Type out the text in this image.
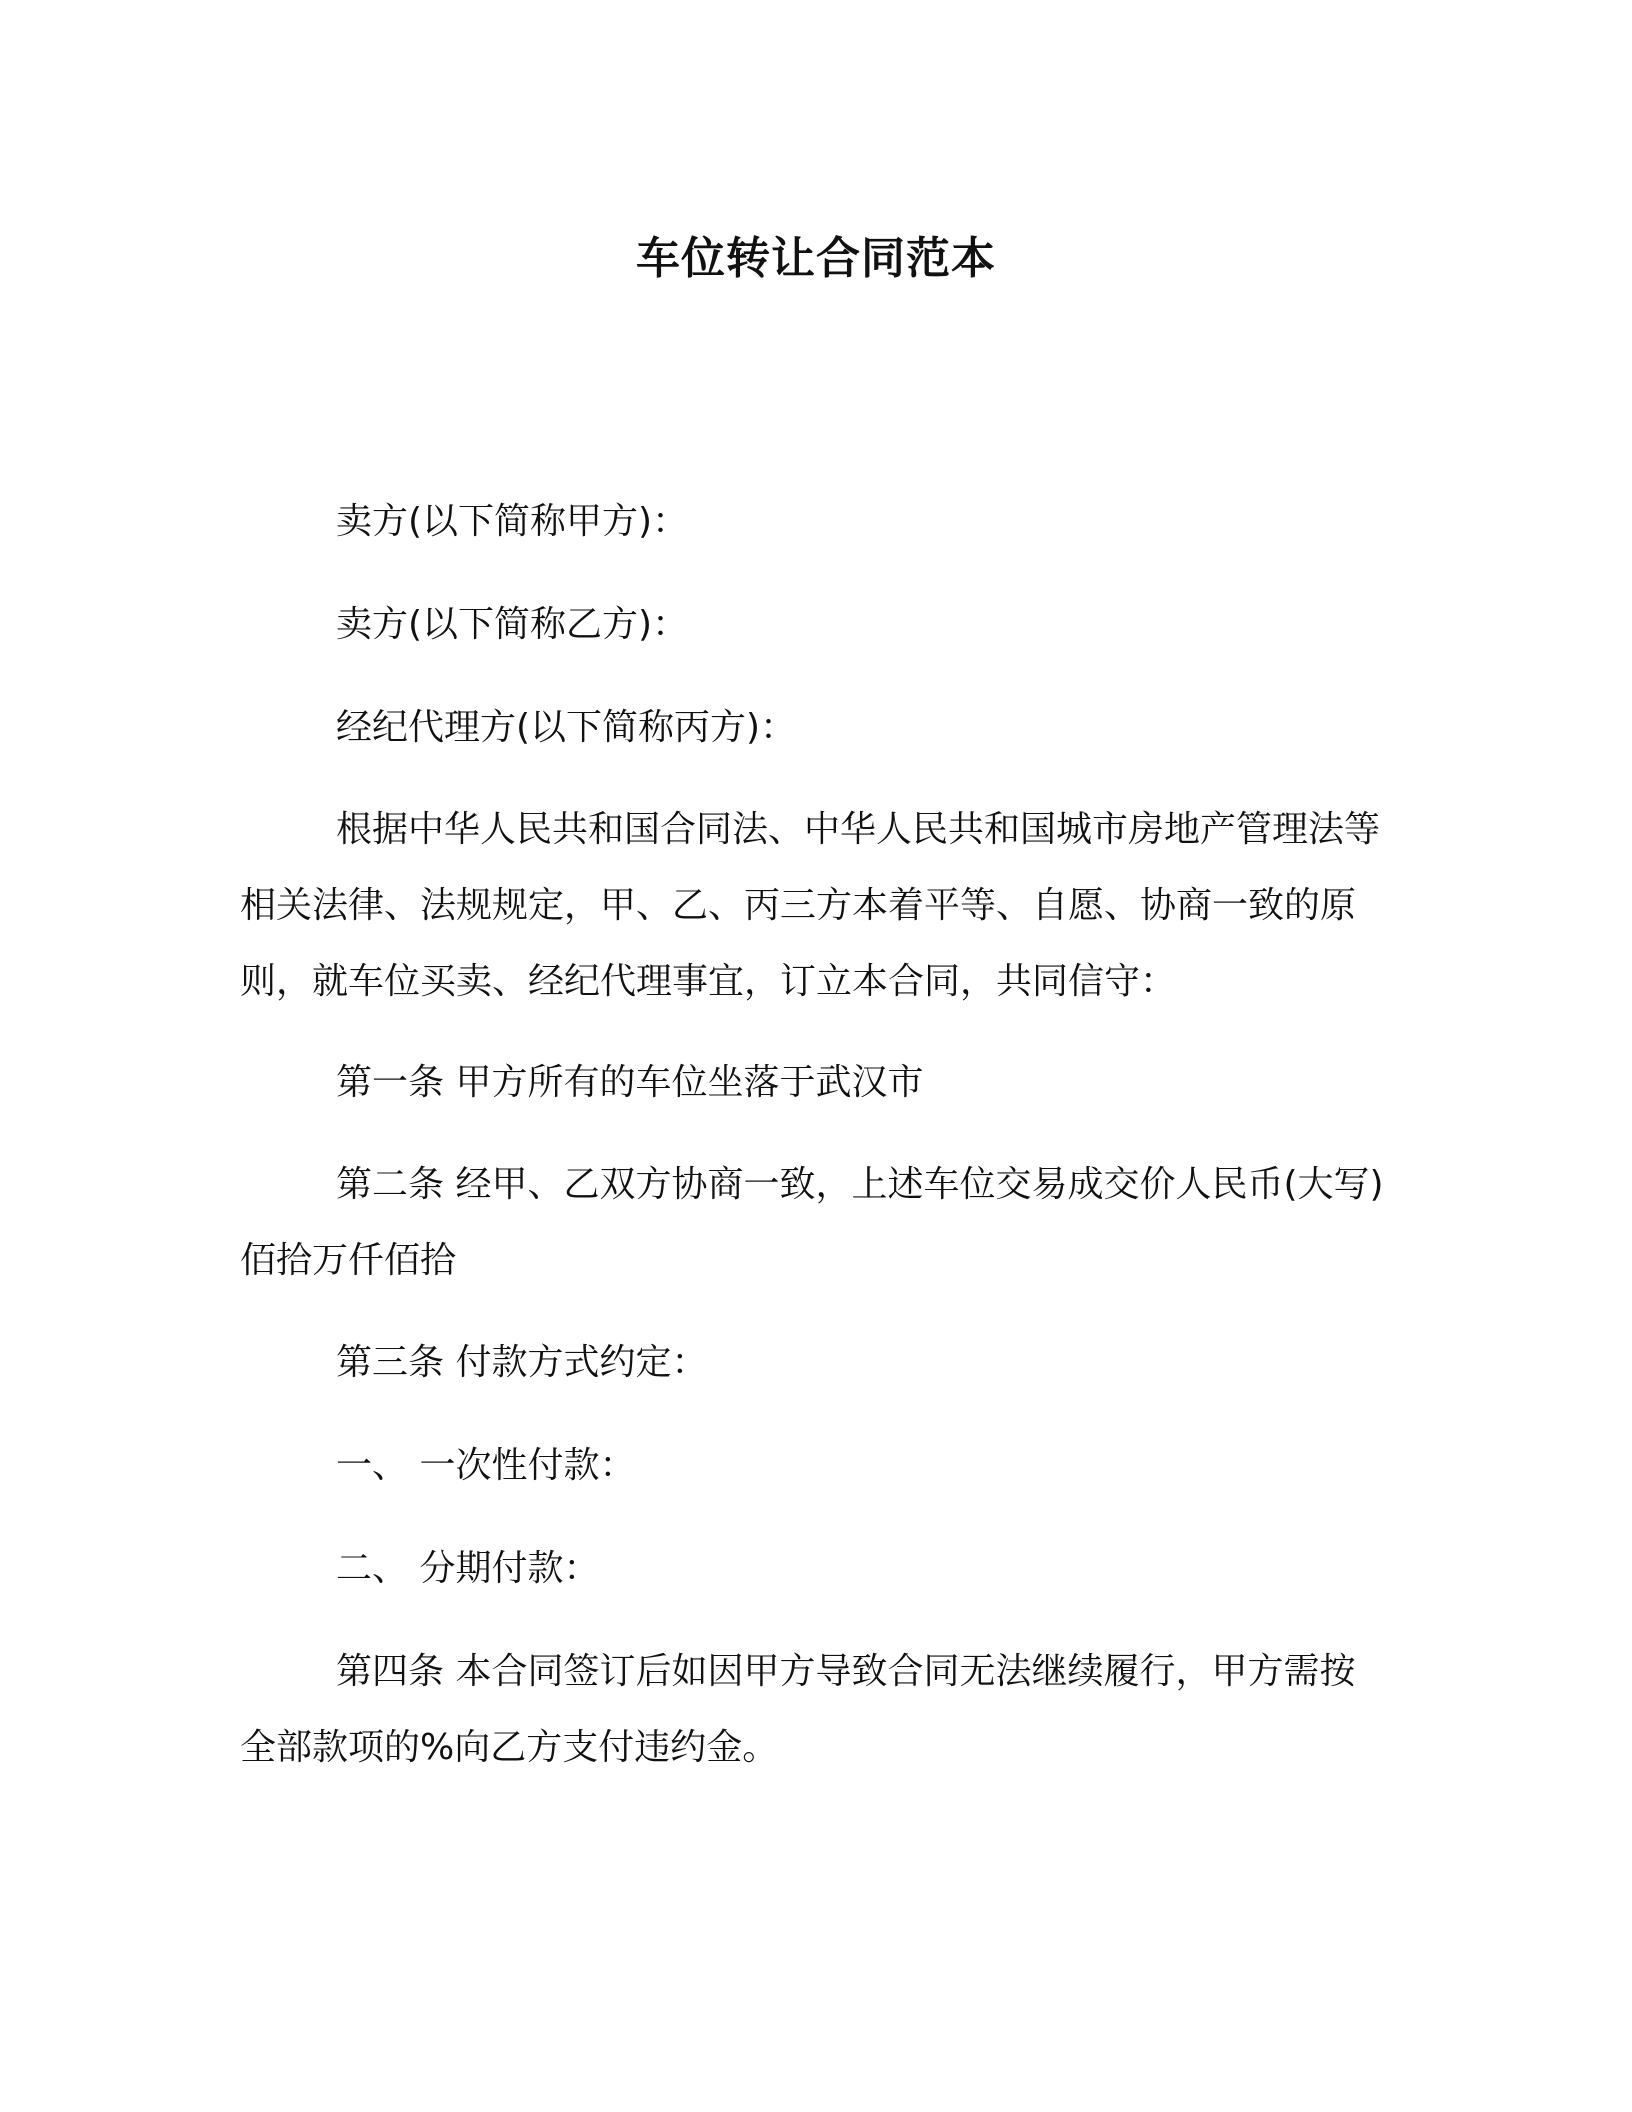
车位转让合同范本

卖方(以下简称甲方)：

卖方(以下简称乙方)：

经纪代理方(以下简称丙方)：

根据中华人民共和国合同法、中华人民共和国城市房地产管理法等相关法律、法规规定，甲、乙、丙三方本着平等、自愿、协商一致的原则，就车位买卖、经纪代理事宜，订立本合同，共同信守：

第一条 甲方所有的车位坐落于武汉市

第二条 经甲、乙双方协商一致，上述车位交易成交价人民币(大写)佰拾万仟佰拾

第三条 付款方式约定：

一、 一次性付款：

二、 分期付款：

第四条 本合同签订后如因甲方导致合同无法继续履行，甲方需按全部款项的%向乙方支付违约金。
